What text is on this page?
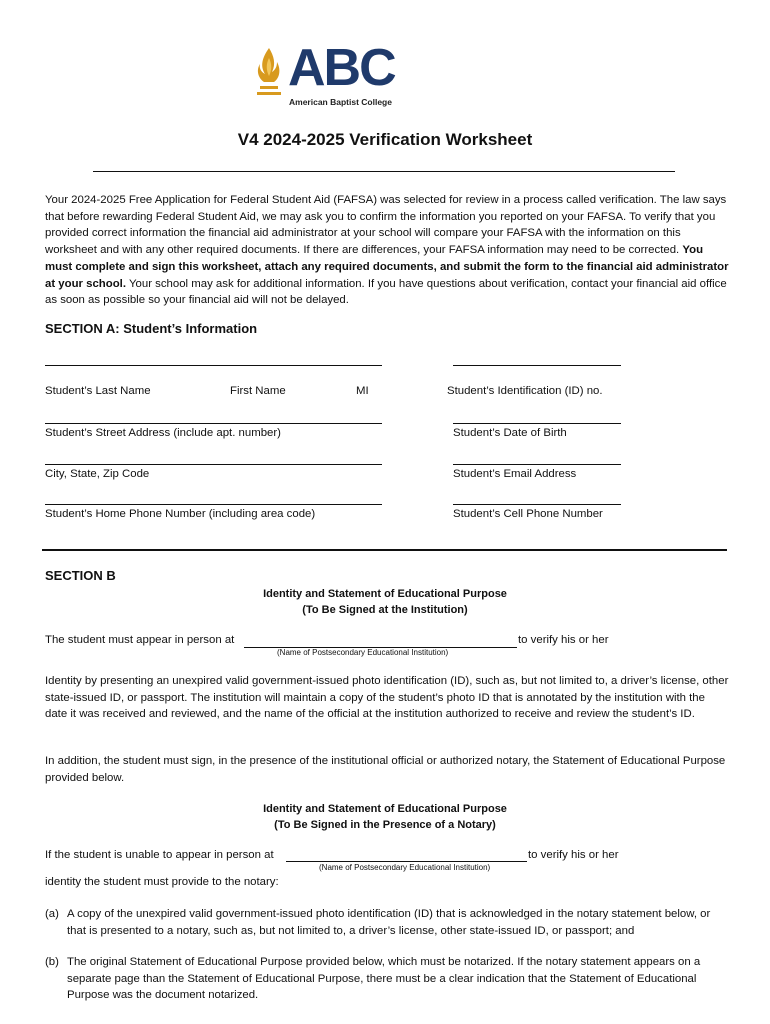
ABC
American Baptist College
V4 2024-2025 Verification Worksheet
Your 2024-2025 Free Application for Federal Student Aid (FAFSA) was selected for review in a process called verification. The law says that before rewarding Federal Student Aid, we may ask you to confirm the information you reported on your FAFSA. To verify that you provided correct information the financial aid administrator at your school will compare your FAFSA with the information on this worksheet and with any other required documents. If there are differences, your FAFSA information may need to be corrected. You must complete and sign this worksheet, attach any required documents, and submit the form to the financial aid administrator at your school. Your school may ask for additional information. If you have questions about verification, contact your financial aid office as soon as possible so your financial aid will not be delayed.
SECTION A: Student’s Information
Student’s Last Name	First Name	MI	Student’s Identification (ID) no.
Student’s Street Address (include apt. number)	Student’s Date of Birth
City, State, Zip Code	Student’s Email Address
Student’s Home Phone Number (including area code)	Student’s Cell Phone Number
SECTION B
Identity and Statement of Educational Purpose
(To Be Signed at the Institution)
The student must appear in person at	to verify his or her
(Name of Postsecondary Educational Institution)
Identity by presenting an unexpired valid government-issued photo identification (ID), such as, but not limited to, a driver’s license, other state-issued ID, or passport. The institution will maintain a copy of the student’s photo ID that is annotated by the institution with the date it was received and reviewed, and the name of the official at the institution authorized to receive and review the student’s ID.
In addition, the student must sign, in the presence of the institutional official or authorized notary, the Statement of Educational Purpose provided below.
Identity and Statement of Educational Purpose
(To Be Signed in the Presence of a Notary)
If the student is unable to appear in person at	to verify his or her
(Name of Postsecondary Educational Institution)
identity the student must provide to the notary:
(a) A copy of the unexpired valid government-issued photo identification (ID) that is acknowledged in the notary statement below, or that is presented to a notary, such as, but not limited to, a driver’s license, other state-issued ID, or passport; and
(b) The original Statement of Educational Purpose provided below, which must be notarized. If the notary statement appears on a separate page than the Statement of Educational Purpose, there must be a clear indication that the Statement of Educational Purpose was the document notarized.
